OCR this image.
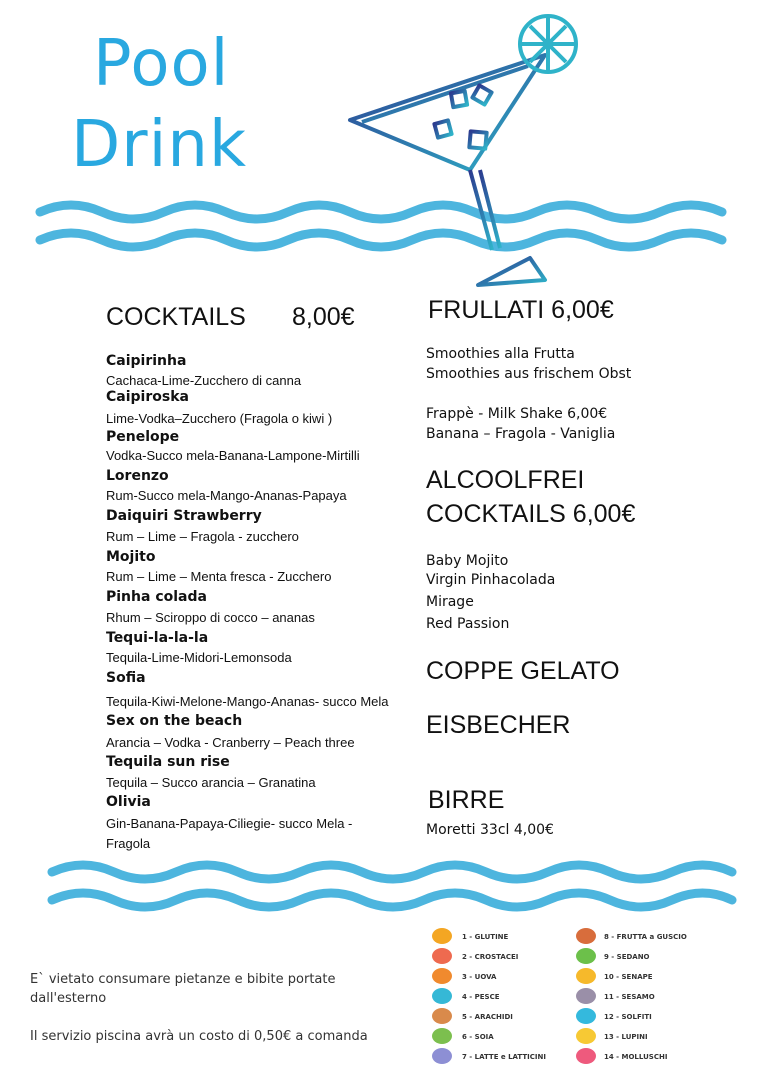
Pool
Drink
COCKTAILS 8,00€
Caipirinha
Cachaca-Lime-Zucchero di canna
Caipiroska
Lime-Vodka–Zucchero (Fragola o kiwi )
Penelope
Vodka-Succo mela-Banana-Lampone-Mirtilli
Lorenzo
Rum-Succo mela-Mango-Ananas-Papaya
Daiquiri Strawberry
Rum – Lime – Fragola - zucchero
Mojito
Rum – Lime – Menta fresca - Zucchero
Pinha colada
Rhum – Sciroppo di cocco – ananas
Tequi-la-la-la
Tequila-Lime-Midori-Lemonsoda
Sofia
Tequila-Kiwi-Melone-Mango-Ananas- succo Mela
Sex on the beach
Arancia – Vodka - Cranberry – Peach three
Tequila sun rise
Tequila – Succo arancia – Granatina
Olivia
Gin-Banana-Papaya-Ciliegie- succo Mela -
Fragola
FRULLATI 6,00€
Smoothies alla Frutta
Smoothies aus frischem Obst
Frappè - Milk Shake 6,00€
Banana – Fragola - Vaniglia
ALCOOLFREI
COCKTAILS 6,00€
Baby Mojito
Virgin Pinhacolada
Mirage
Red Passion
COPPE GELATO
EISBECHER
BIRRE
Moretti 33cl 4,00€
E` vietato consumare pietanze e bibite portate
dall'esterno
Il servizio piscina avrà un costo di 0,50€ a comanda
1 - GLUTINE
2 - CROSTACEI
3 - UOVA
4 - PESCE
5 - ARACHIDI
6 - SOIA
7 - LATTE e LATTICINI
8 - FRUTTA a GUSCIO
9 - SEDANO
10 - SENAPE
11 - SESAMO
12 - SOLFITI
13 - LUPINI
14 - MOLLUSCHI
